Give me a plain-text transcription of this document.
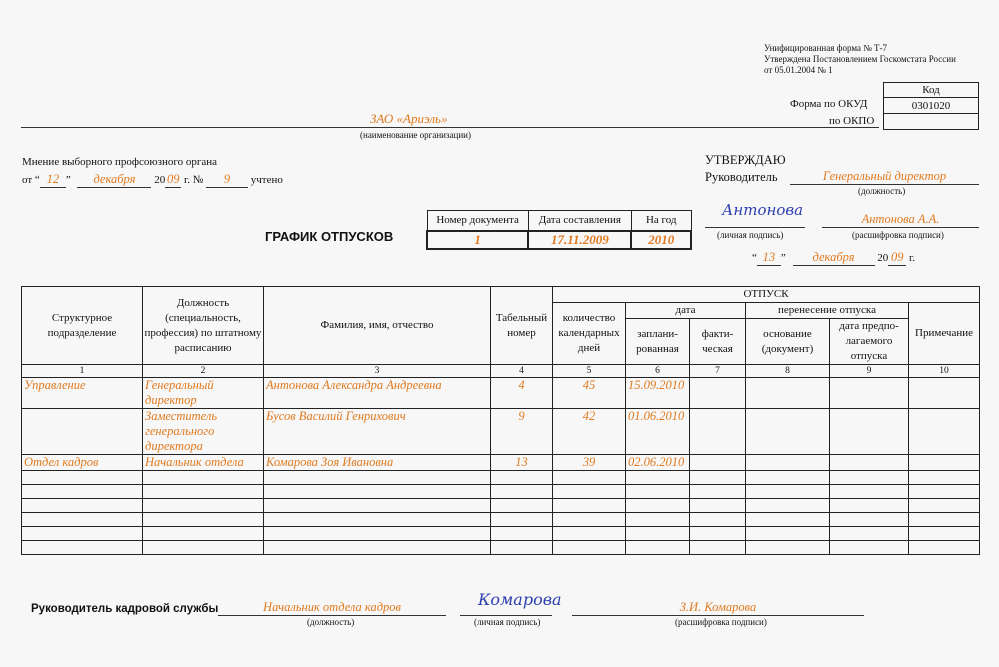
Унифицированная форма № Т-7
Утверждена Постановлением Госкомстата России
от 05.01.2004 № 1
Код
0301020

Форма по ОКУД
по ОКПО
ЗАО «Ариэль»
(наименование организации)
Мнение выборного профсоюзного органа
от “ 12 ” декабря 20 09 г. № 9 учтено
УТВЕРЖДАЮ
Руководитель	Генеральный директор
(должность)
Антонова
(личная подпись)
Антонова А.А.
(расшифровка подписи)
“ 13 ” декабря 20 09 г.
ГРАФИК ОТПУСКОВ
Номер документа	Дата составления	На год
1	17.11.2009	2010
Структурное подразделение	Должность (специальность, профессия) по штатному расписанию	Фамилия, имя, отчество	Табельный номер	ОТПУСК					
				количество календарных дней	дата		перенесение отпуска		Примечание
					заплани-рованная	факти-ческая	основание (документ)	дата предпо-лагаемого отпуска	
1	2	3	4	5	6	7	8	9	10
Управление	Генеральный директор	Антонова Александра Андреевна	4	45	15.09.2010				
	Заместитель генерального директора	Бусов Василий Генрихович	9	42	01.06.2010				
Отдел кадров	Начальник отдела	Комарова Зоя Ивановна	13	39	02.06.2010				

Руководитель кадровой службы	Начальник отдела кадров
(должность)
Комарова
(личная подпись)
З.И. Комарова
(расшифровка подписи)
